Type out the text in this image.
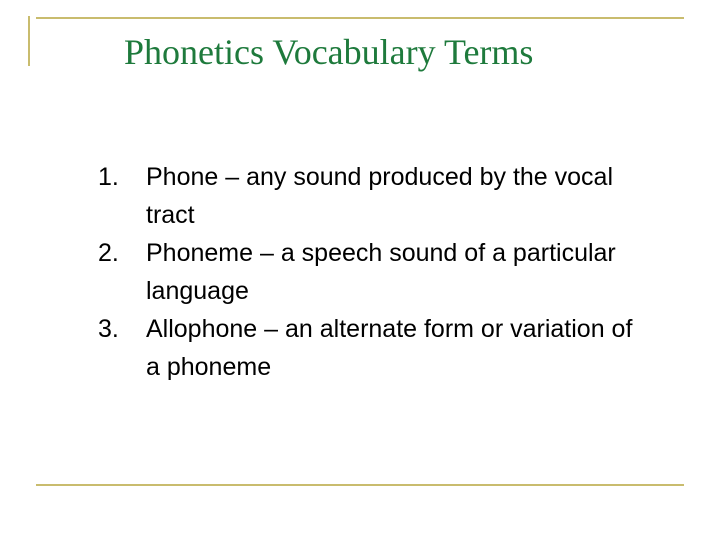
Phonetics Vocabulary Terms
1.	Phone – any sound produced by the vocal tract
2.	Phoneme – a speech sound of a particular language
3.	Allophone – an alternate form or variation of a phoneme
